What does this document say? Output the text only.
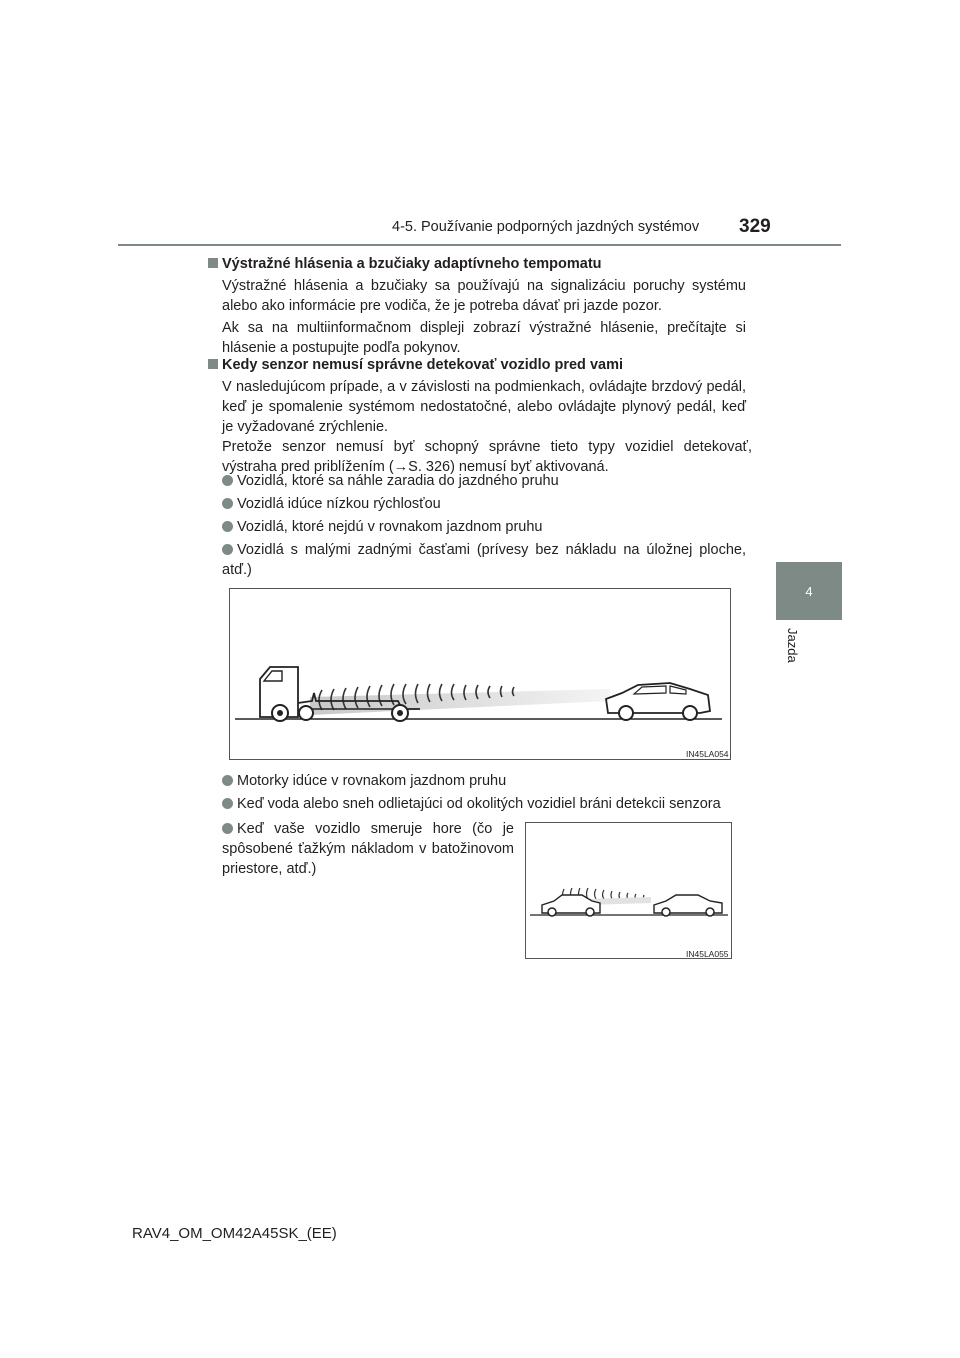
4-5. Používanie podporných jazdných systémov 329
4
Jazda
Výstražné hlásenia a bzučiaky adaptívneho tempomatu
Výstražné hlásenia a bzučiaky sa používajú na signalizáciu poruchy systému alebo ako informácie pre vodiča, že je potreba dávať pri jazde pozor.
Ak sa na multiinformačnom displeji zobrazí výstražné hlásenie, prečítajte si hlásenie a postupujte podľa pokynov.
Kedy senzor nemusí správne detekovať vozidlo pred vami
V nasledujúcom prípade, a v závislosti na podmienkach, ovládajte brzdový pedál, keď je spomalenie systémom nedostatočné, alebo ovládajte plynový pedál, keď je vyžadované zrýchlenie.
Pretože senzor nemusí byť schopný správne tieto typy vozidiel detekovať, výstraha pred priblížením (→S. 326) nemusí byť aktivovaná.
Vozidlá, ktoré sa náhle zaradia do jazdného pruhu
Vozidlá idúce nízkou rýchlosťou
Vozidlá, ktoré nejdú v rovnakom jazdnom pruhu
Vozidlá s malými zadnými časťami (prívesy bez nákladu na úložnej ploche, atď.)
IN45LA054
Motorky idúce v rovnakom jazdnom pruhu
Keď voda alebo sneh odlietajúci od okolitých vozidiel bráni detekcii senzora
Keď vaše vozidlo smeruje hore (čo je spôsobené ťažkým nákladom v batožinovom priestore, atď.)
IN45LA055
RAV4_OM_OM42A45SK_(EE)
